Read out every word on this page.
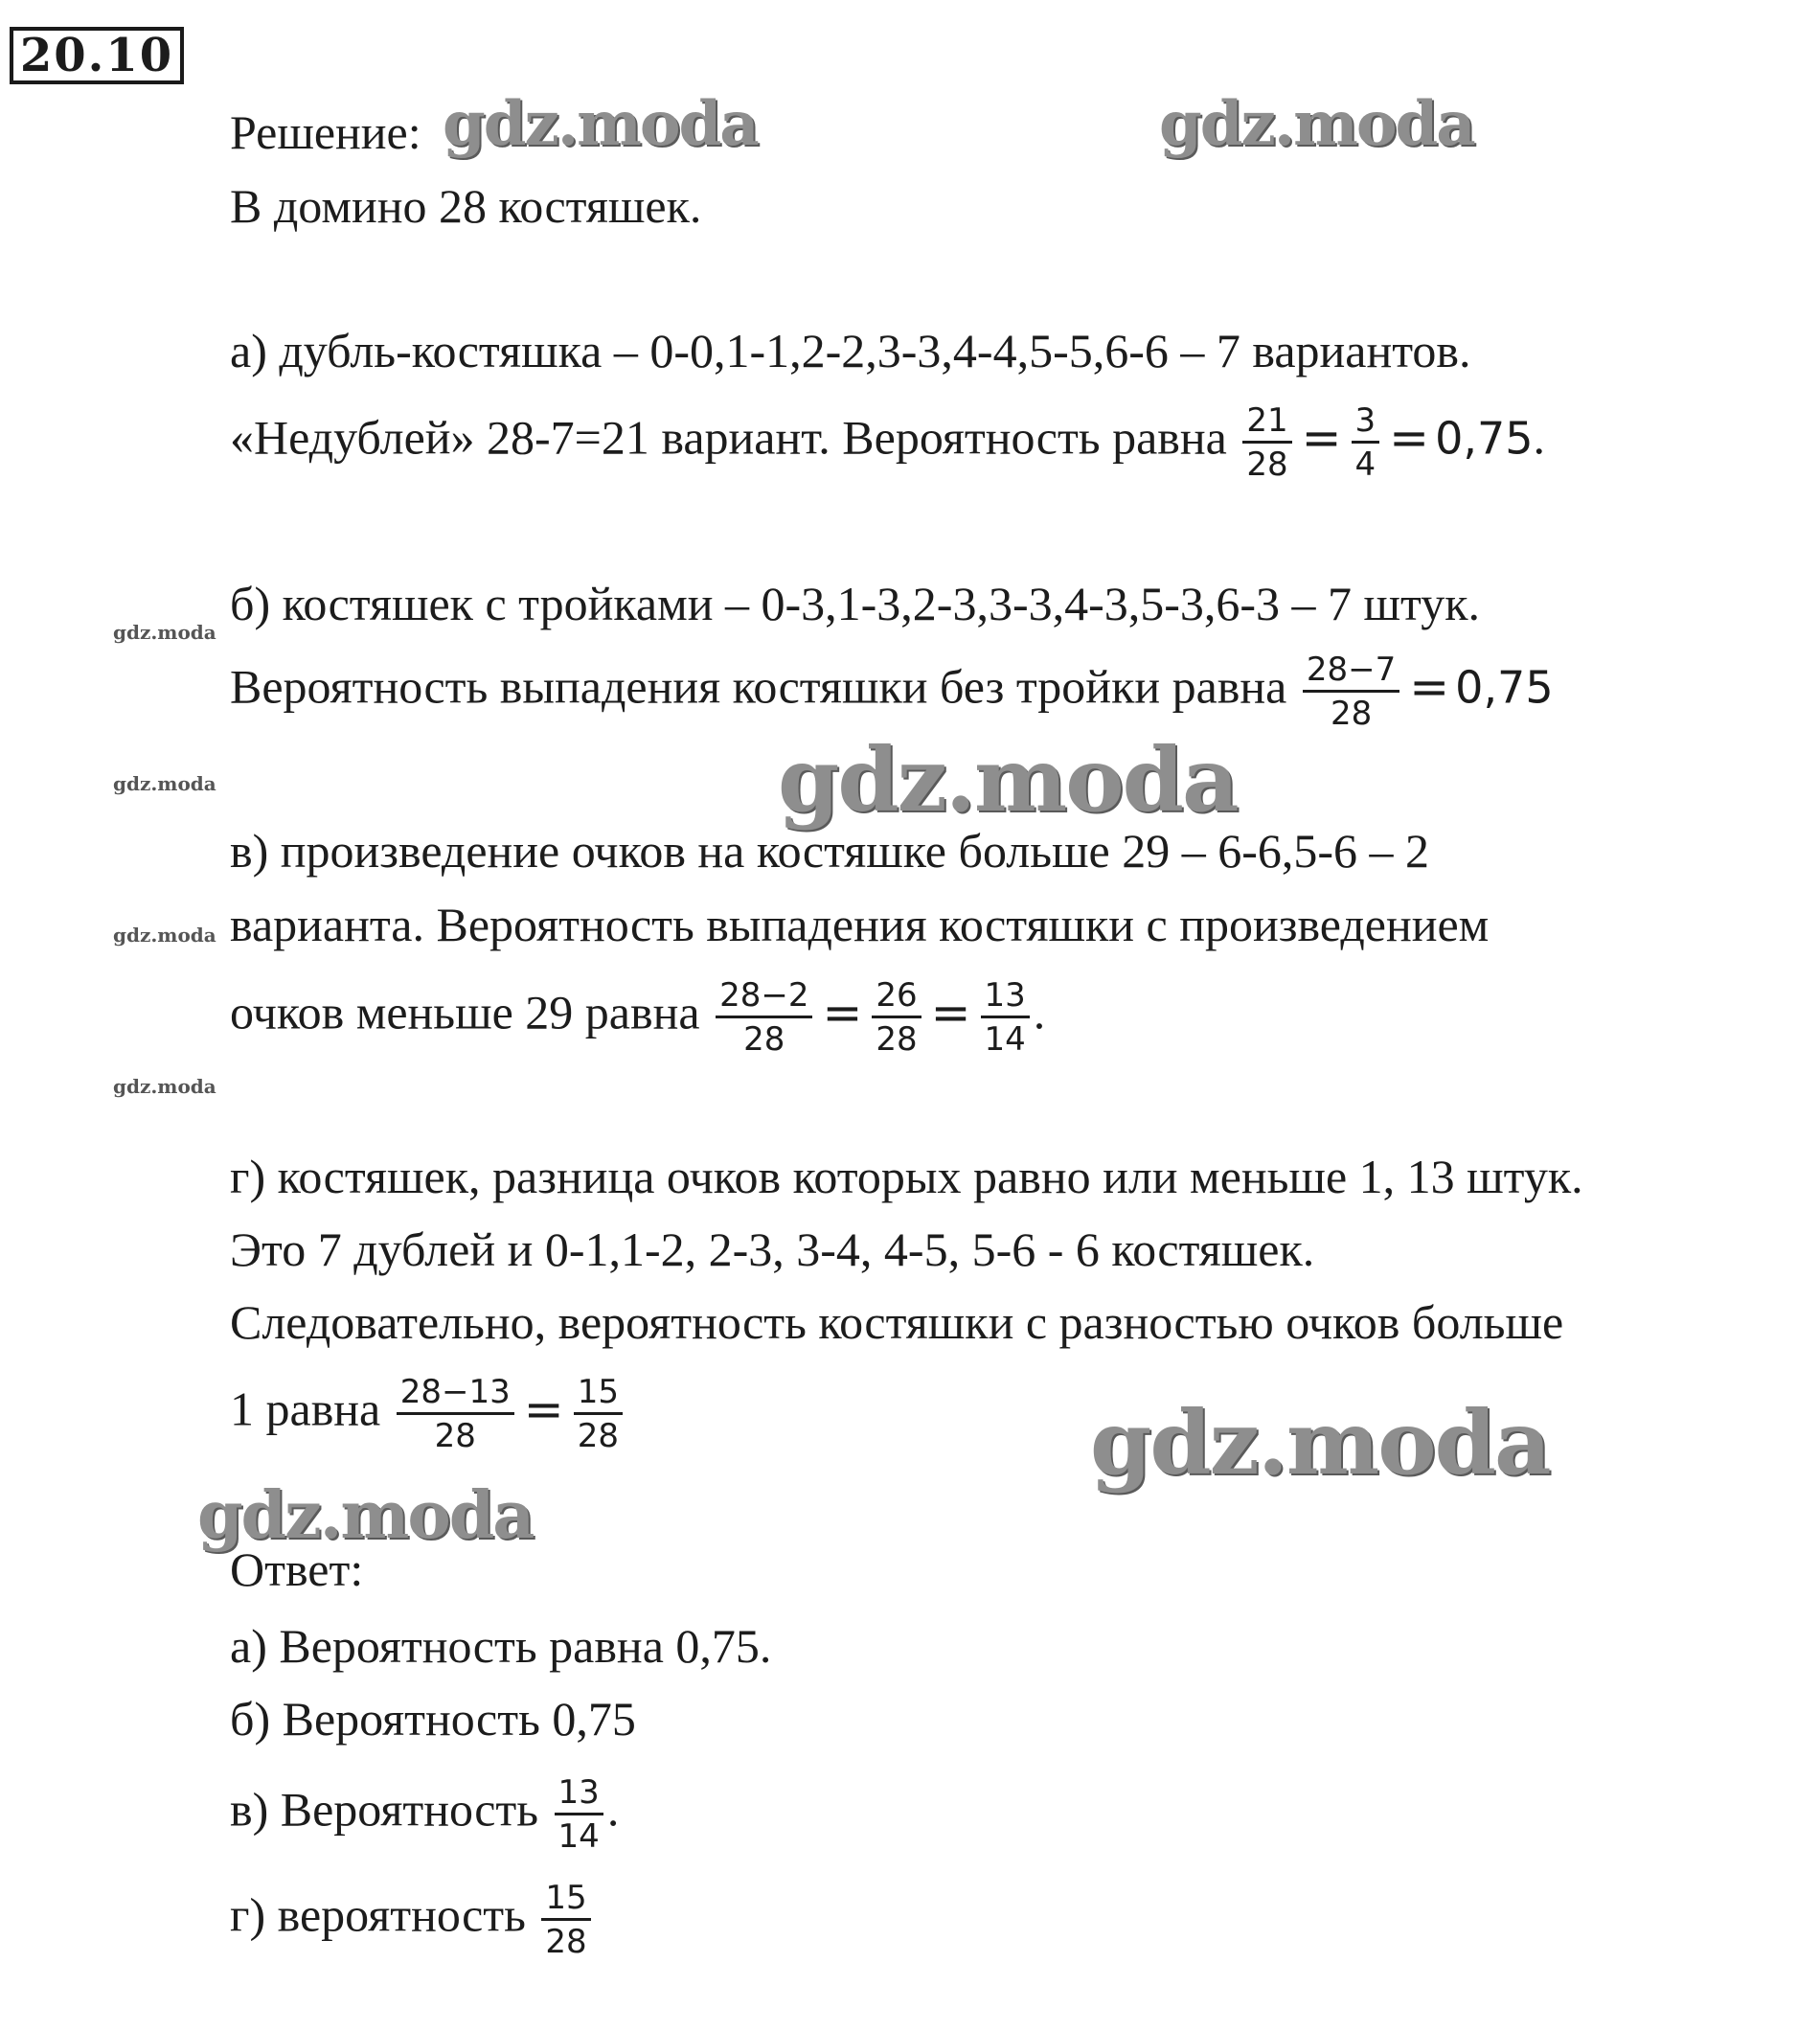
20.10
gdz.moda	gdz.moda
gdz.moda
gdz.moda
gdz.moda
gdz.moda
gdz.moda
gdz.moda
gdz.moda
Решение:
В домино 28 костяшек.
а) дубль-костяшка – 0-0,1-1,2-2,3-3,4-4,5-5,6-6 – 7 вариантов.
«Недублей» 28-7=21 вариант. Вероятность равна $\frac{21}{28} = \frac{3}{4} = 0,75$.
б) костяшек с тройками – 0-3,1-3,2-3,3-3,4-3,5-3,6-3 – 7 штук.
Вероятность выпадения костяшки без тройки равна $\frac{28-7}{28} = 0,75$
в) произведение очков на костяшке больше 29 – 6-6,5-6 – 2
варианта. Вероятность выпадения костяшки с произведением
очков меньше 29 равна $\frac{28-2}{28} = \frac{26}{28} = \frac{13}{14}$ .
г) костяшек, разница очков которых равно или меньше 1, 13 штук.
Это 7 дублей и 0-1,1-2, 2-3, 3-4, 4-5, 5-6 - 6 костяшек.
Следовательно, вероятность костяшки с разностью очков больше
1 равна $\frac{28-13}{28} = \frac{15}{28}$
Ответ:
а) Вероятность равна 0,75.
б) Вероятность 0,75
в) Вероятность $\frac{13}{14}$ .
г) вероятность $\frac{15}{28}$
